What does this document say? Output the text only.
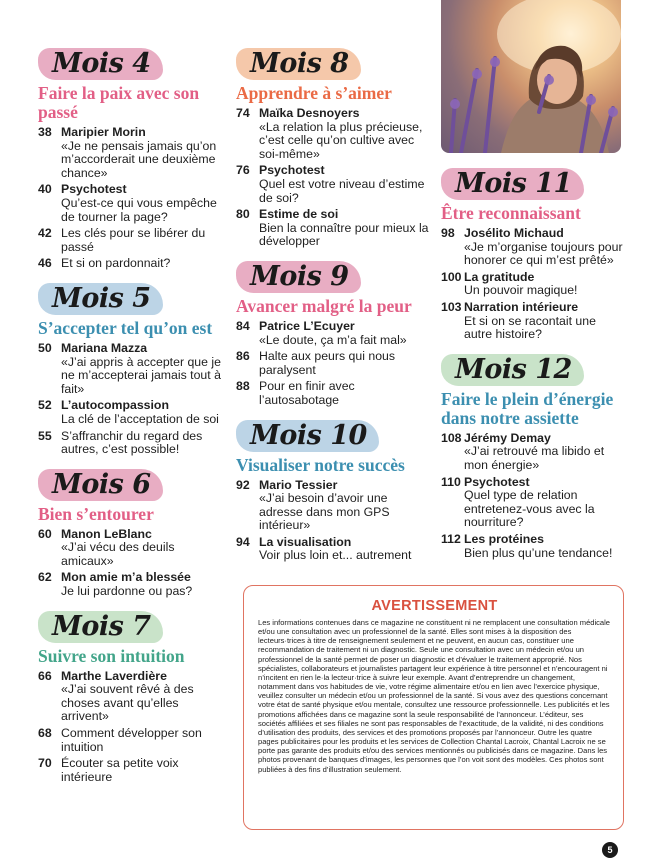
Mois 4
Faire la paix avec son passé
38 Maripier Morin
«Je ne pensais jamais qu’on m’accorderait une deuxième chance»
40 Psychotest
Qu’est-ce qui vous empêche de tourner la page?
42 Les clés pour se libérer du passé
46 Et si on pardonnait?
Mois 5
S’accepter tel qu’on est
50 Mariana Mazza
«J’ai appris à accepter que je ne m’accepterai jamais tout à fait»
52 L’autocompassion
La clé de l’acceptation de soi
55 S’affranchir du regard des autres, c’est possible!
Mois 6
Bien s’entourer
60 Manon LeBlanc
«J’ai vécu des deuils amicaux»
62 Mon amie m’a blessée
Je lui pardonne ou pas?
Mois 7
Suivre son intuition
66 Marthe Laverdière
«J’ai souvent rêvé à des choses avant qu’elles arrivent»
68 Comment développer son intuition
70 Écouter sa petite voix intérieure
Mois 8
Apprendre à s’aimer
74 Maïka Desnoyers
«La relation la plus précieuse, c’est celle qu’on cultive avec soi-même»
76 Psychotest
Quel est votre niveau d’estime de soi?
80 Estime de soi
Bien la connaître pour mieux la développer
Mois 9
Avancer malgré la peur
84 Patrice L’Ecuyer
«Le doute, ça m’a fait mal»
86 Halte aux peurs qui nous paralysent
88 Pour en finir avec l’autosabotage
Mois 10
Visualiser notre succès
92 Mario Tessier
«J’ai besoin d’avoir une adresse dans mon GPS intérieur»
94 La visualisation
Voir plus loin et... autrement
Mois 11
Être reconnaissant
98 Josélito Michaud
«Je m’organise toujours pour honorer ce qui m’est prêté»
100 La gratitude
Un pouvoir magique!
103 Narration intérieure
Et si on se racontait une autre histoire?
Mois 12
Faire le plein d’énergie dans notre assiette
108 Jérémy Demay
«J’ai retrouvé ma libido et mon énergie»
110 Psychotest
Quel type de relation entretenez-vous avec la nourriture?
112 Les protéines
Bien plus qu’une tendance!
AVERTISSEMENT

Les informations contenues dans ce magazine ne constituent ni ne remplacent une consultation médicale et/ou une consultation avec un professionnel de la santé. Elles sont mises à la disposition des lecteurs·trices à titre de renseignement seulement et ne peuvent, en aucun cas, constituer une recommandation de traitement ni un diagnostic. Seule une consultation avec un médecin et/ou un professionnel de la santé permet de poser un diagnostic et d’évaluer le traitement approprié. Nos spécialistes, collaborateurs et journalistes partagent leur expérience à titre personnel et n’encouragent ni n’incitent en rien le·la lecteur·trice à suivre leur exemple. Avant d’entreprendre un changement, notamment dans vos habitudes de vie, votre régime alimentaire et/ou en lien avec l’exercice physique, veuillez consulter un médecin et/ou un professionnel de la santé. Si vous avez des questions concernant votre état de santé physique et/ou mentale, consultez une ressource professionnelle. Les publicités et les promotions affichées dans ce magazine sont la seule responsabilité de l’annonceur. L’éditeur, ses sociétés affiliées et ses filiales ne sont pas responsables de l’exactitude, de la validité, ni des conditions d’utilisation des produits, des services et des promotions proposés par l’annonceur. Outre les quatre pages publicitaires pour les produits et les services de Collection Chantal Lacroix, Chantal Lacroix ne se porte pas garante des produits et/ou des services mentionnés ou publicisés dans ce magazine. Dans les photos provenant de banques d’images, les personnes que l’on voit sont des modèles. Ces photos sont publiées à des fins d’illustration seulement.

5
